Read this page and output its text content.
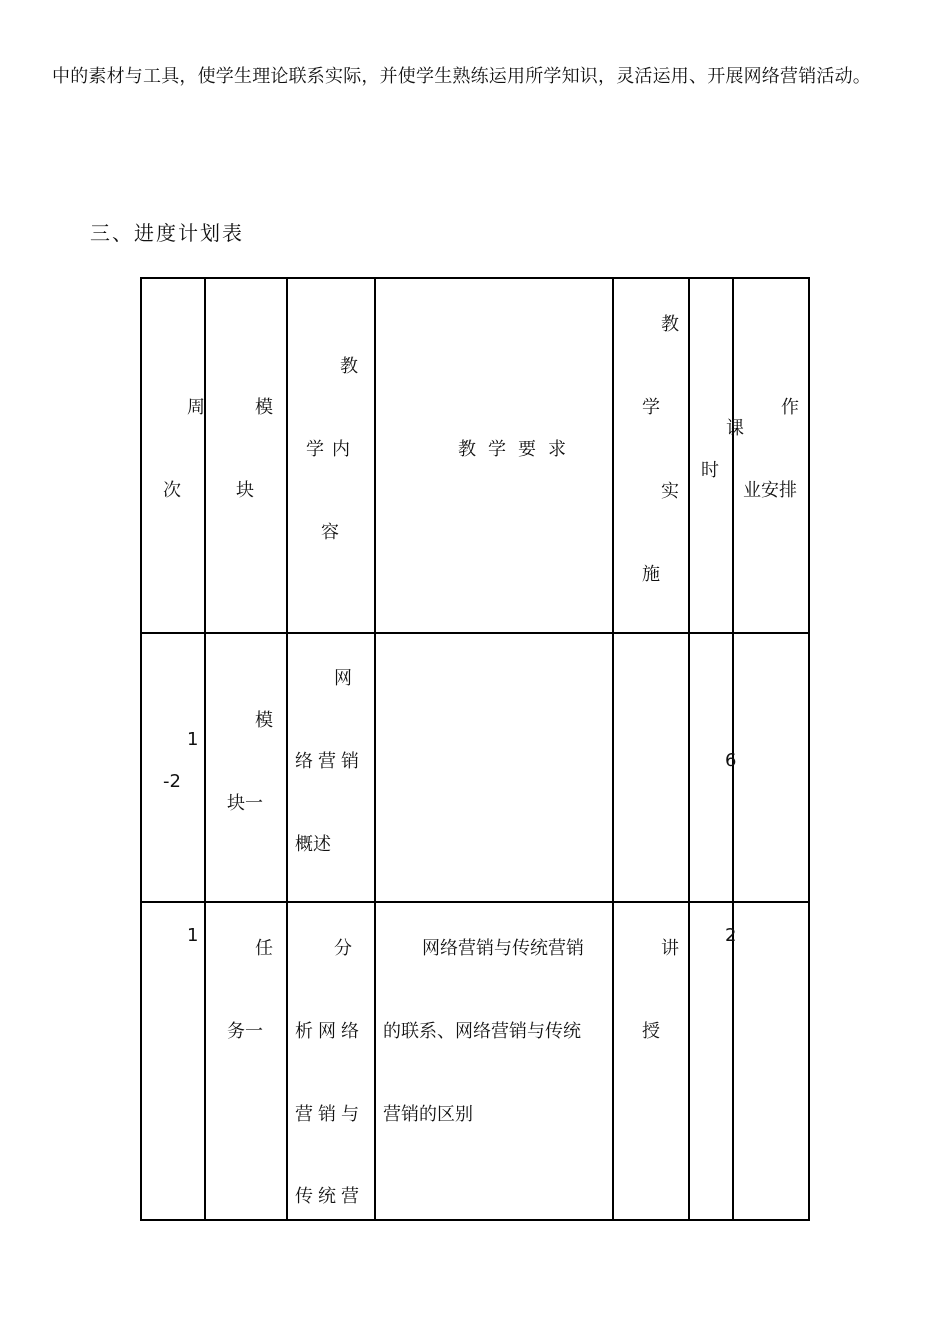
中的素材与工具，使学生理论联系实际，并使学生熟练运用所学知识，灵活运用、开展网络营销活动。
三、进度计划表
周
次
模
块
教
学内
容
教学要求
教
学
实
施
课
时
作
业安排
1
-2
模
块一
网
络营销
概述
6
1
任
务一
分
析网络
营销与
传统营
网络营销与传统营销
的联系、网络营销与传统
营销的区别
讲
授
2
